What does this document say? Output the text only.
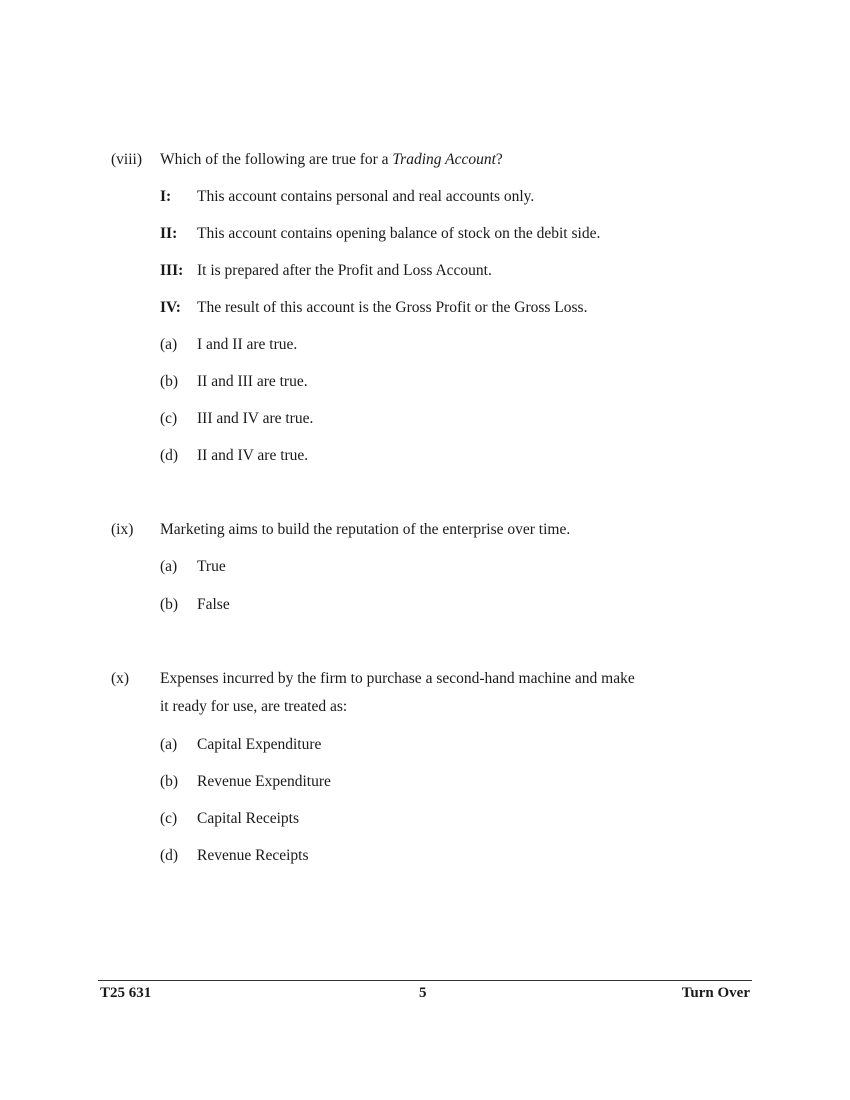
(viii) Which of the following are true for a Trading Account?
I: This account contains personal and real accounts only.
II: This account contains opening balance of stock on the debit side.
III: It is prepared after the Profit and Loss Account.
IV: The result of this account is the Gross Profit or the Gross Loss.
(a) I and II are true.
(b) II and III are true.
(c) III and IV are true.
(d) II and IV are true.
(ix) Marketing aims to build the reputation of the enterprise over time.
(a) True
(b) False
(x) Expenses incurred by the firm to purchase a second-hand machine and make
it ready for use, are treated as:
(a) Capital Expenditure
(b) Revenue Expenditure
(c) Capital Receipts
(d) Revenue Receipts
T25 631	5	Turn Over
